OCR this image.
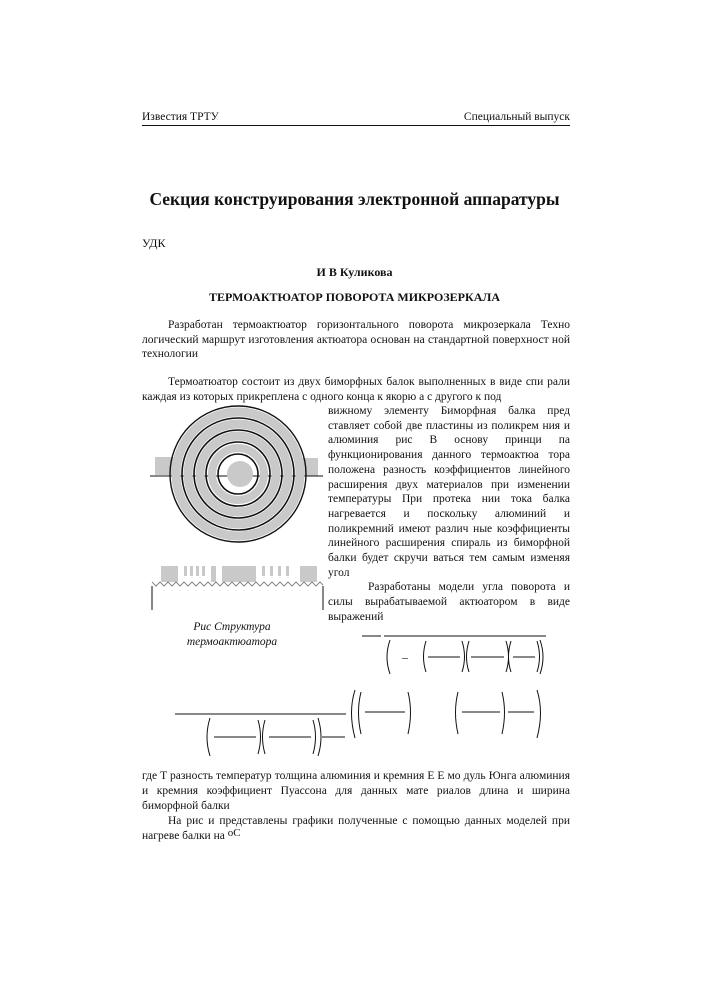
Известия ТРТУ	Специальный выпуск
Секция конструирования электронной аппаратуры
УДК
И В Куликова
ТЕРМОАКТЮАТОР ПОВОРОТА МИКРОЗЕРКАЛА

Разработан термоактюатор горизонтального поворота микрозеркала Техно логический маршрут изготовления актюатора основан на стандартной поверхност ной технологии

Термоатюатор состоит из двух биморфных балок выполненных в виде спи рали каждая из которых прикреплена с одного конца к якорю а с другого к под

–

вижному элементу Биморфная балка пред ставляет собой две пластины из поликрем ния и алюминия рис В основу принци па функционирования данного термоактюа тора положена разность коэффициентов линейного расширения двух материалов при изменении температуры При протека нии тока балка нагревается и поскольку алюминий и поликремний имеют различ ные коэффициенты линейного расширения спираль из биморфной балки будет скручи ваться тем самым изменяя угол

Разработаны модели угла поворота и силы вырабатываемой актюатором в виде выражений

Рис Структура
термоактюатора

где T разность температур толщина алюминия и кремния E E мо дуль Юнга алюминия и кремния коэффициент Пуассона для данных мате риалов длина и ширина биморфной балки

На рис и представлены графики полученные с помощью данных моделей при нагреве балки на оC
